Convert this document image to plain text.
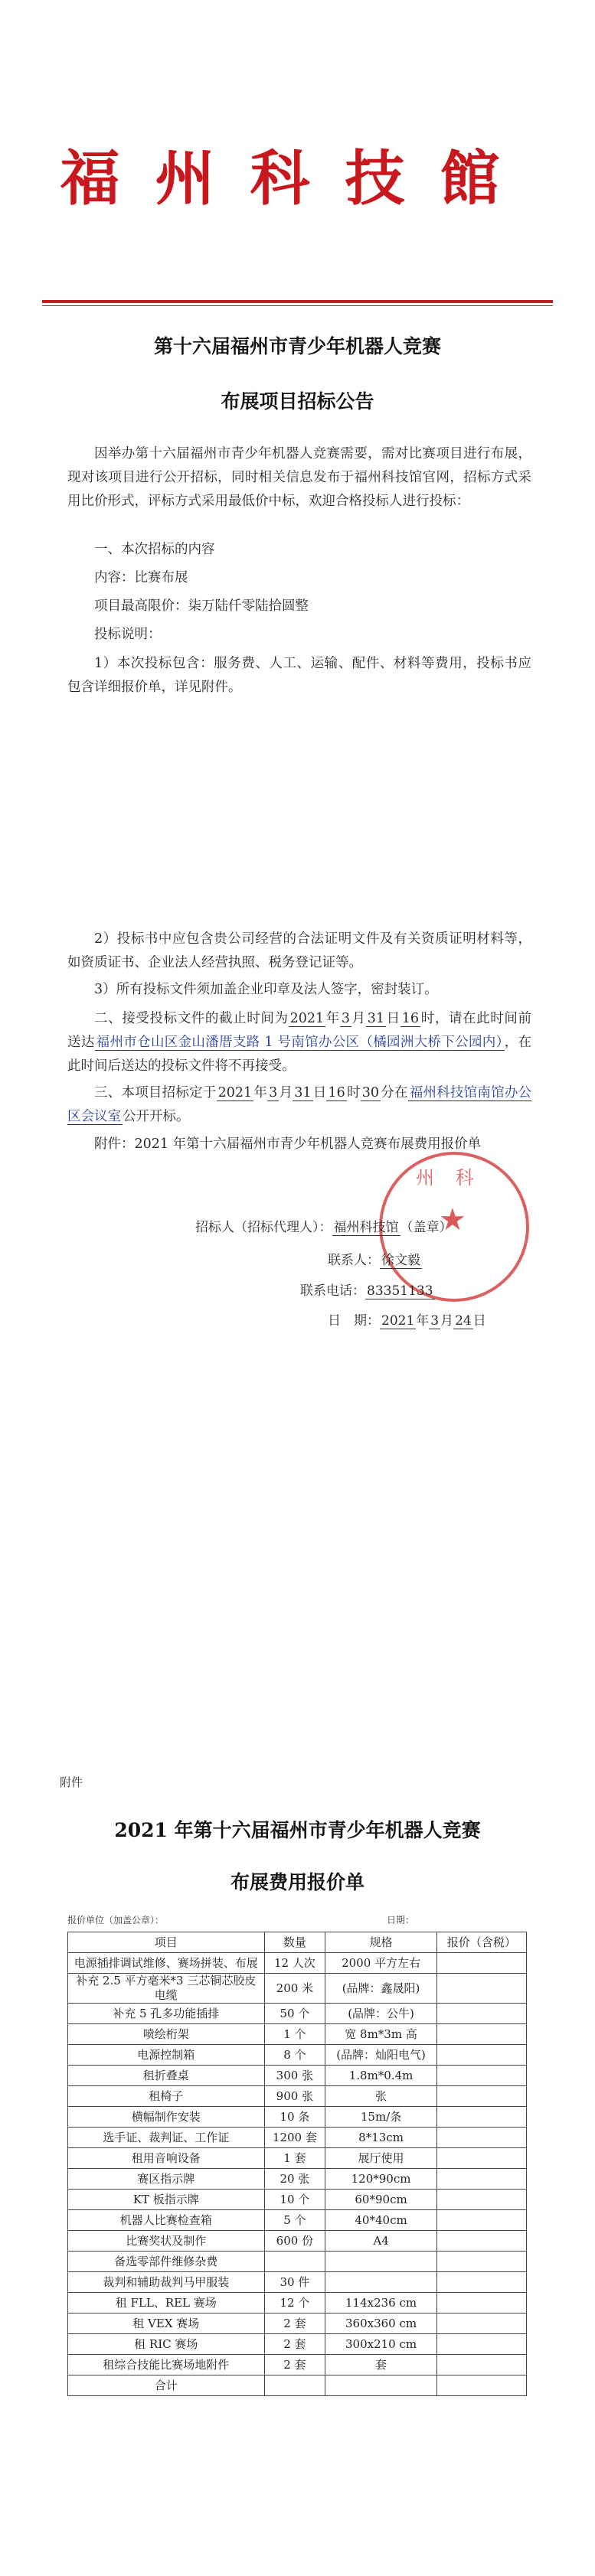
福州科技館
第十六届福州市青少年机器人竞赛
布展项目招标公告
因举办第十六届福州市青少年机器人竞赛需要，需对比赛项目进行布展，现对该项目进行公开招标，同时相关信息发布于福州科技馆官网，招标方式采用比价形式，评标方式采用最低价中标，欢迎合格投标人进行投标：
一、本次招标的内容
内容：比赛布展
项目最高限价：柒万陆仟零陆拾圆整
投标说明：
1）本次投标包含：服务费、人工、运输、配件、材料等费用，投标书应包含详细报价单，详见附件。
2）投标书中应包含贵公司经营的合法证明文件及有关资质证明材料等，如资质证书、企业法人经营执照、税务登记证等。
3）所有投标文件须加盖企业印章及法人签字，密封装订。
二、接受投标文件的截止时间为 2021 年 3 月 31 日 16 时，请在此时间前送达 福州市仓山区金山潘厝支路 1 号南馆办公区（橘园洲大桥下公园内） ，在此时间后送达的投标文件将不再接受。
三、本项目招标定于 2021 年 3 月 31 日 16 时 30 分在 福州科技馆南馆办公区会议室 公开开标。
附件：2021 年第十六届福州市青少年机器人竞赛布展费用报价单
州 科
★
招标人（招标代理人）： 福州科技馆 （盖章）
联系人： 徐文毅
联系电话： 83351133
日　期： 2021 年 3 月 24 日
附件
2021 年第十六届福州市青少年机器人竞赛
布展费用报价单
报价单位（加盖公章）：	日期：
项目	数量	规格	报价（含税）
电源插排调试维修、赛场拼装、布展	12 人次	2000 平方左右	
补充 2.5 平方毫米*3 三芯铜芯胶皮电缆	200 米	(品牌：鑫晟阳)	
补充 5 孔多功能插排	50 个	(品牌：公牛)	
喷绘桁架	1 个	宽 8m*3m 高	
电源控制箱	8 个	(品牌：灿阳电气)	
租折叠桌	300 张	1.8m*0.4m	
租椅子	900 张	张	
横幅制作安装	10 条	15m/条	
选手证、裁判证、工作证	1200 套	8*13cm	
租用音响设备	1 套	展厅使用	
赛区指示牌	20 张	120*90cm	
KT 板指示牌	10 个	60*90cm	
机器人比赛检查箱	5 个	40*40cm	
比赛奖状及制作	600 份	A4	
备选零部件维修杂费			
裁判和辅助裁判马甲服装	30 件		
租 FLL、REL 赛场	12 个	114x236 cm	
租 VEX 赛场	2 套	360x360 cm	
租 RIC 赛场	2 套	300x210 cm	
租综合技能比赛场地附件	2 套	套	
合计			
